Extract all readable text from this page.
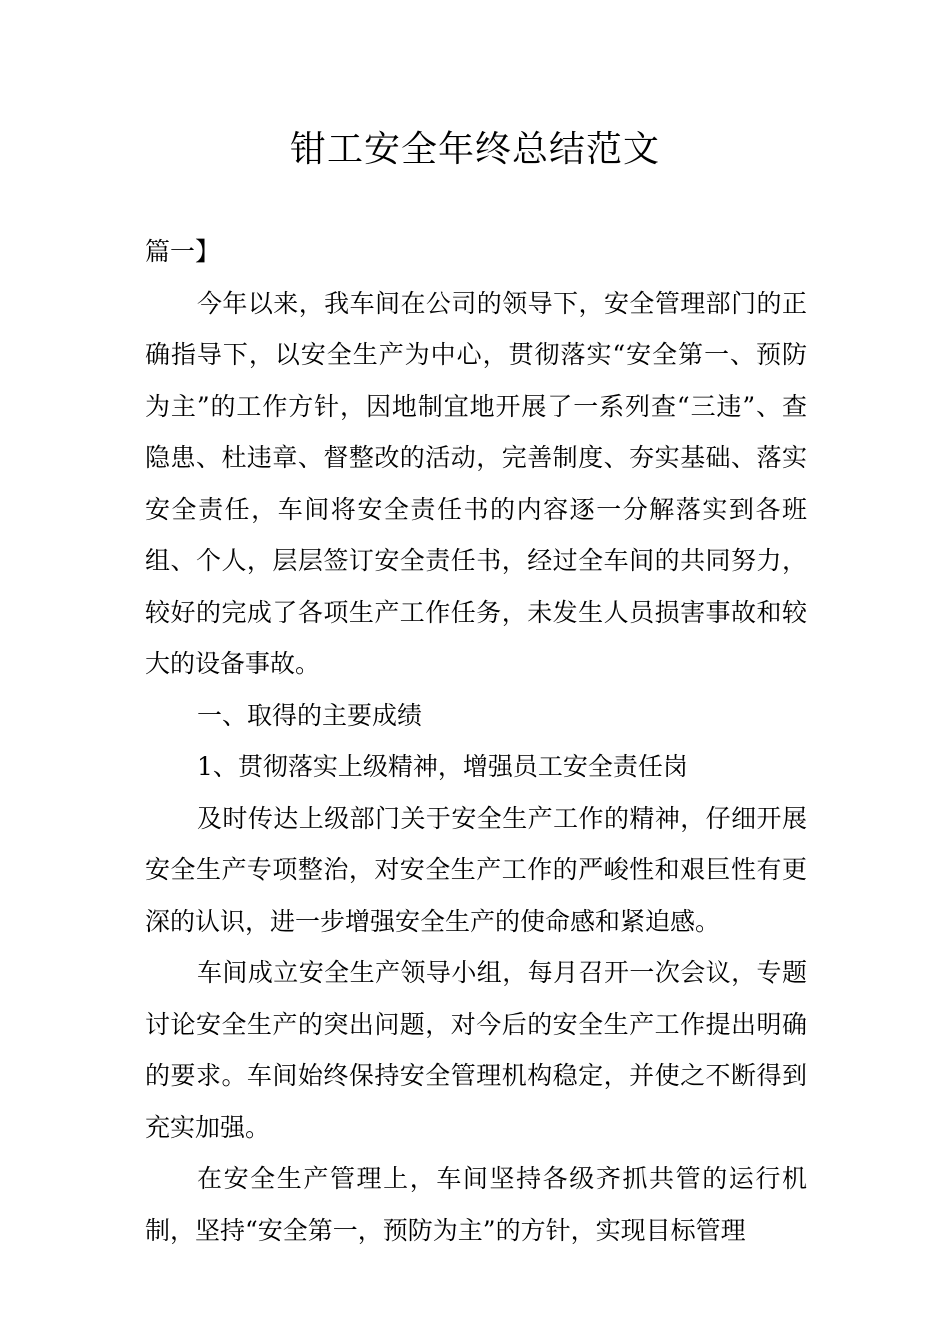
钳工安全年终总结范文

篇一】

今年以来，我车间在公司的领导下，安全管理部门的正确指导下，以安全生产为中心，贯彻落实“安全第一、预防为主”的工作方针，因地制宜地开展了一系列查“三违”、查隐患、杜违章、督整改的活动，完善制度、夯实基础、落实安全责任，车间将安全责任书的内容逐一分解落实到各班组、个人，层层签订安全责任书，经过全车间的共同努力，较好的完成了各项生产工作任务，未发生人员损害事故和较大的设备事故。

一、取得的主要成绩

1、贯彻落实上级精神，增强员工安全责任岗

及时传达上级部门关于安全生产工作的精神，仔细开展安全生产专项整治，对安全生产工作的严峻性和艰巨性有更深的认识，进一步增强安全生产的使命感和紧迫感。

车间成立安全生产领导小组，每月召开一次会议，专题讨论安全生产的突出问题，对今后的安全生产工作提出明确的要求。车间始终保持安全管理机构稳定，并使之不断得到充实加强。

在安全生产管理上，车间坚持各级齐抓共管的运行机制，坚持“安全第一，预防为主”的方针，实现目标管理
